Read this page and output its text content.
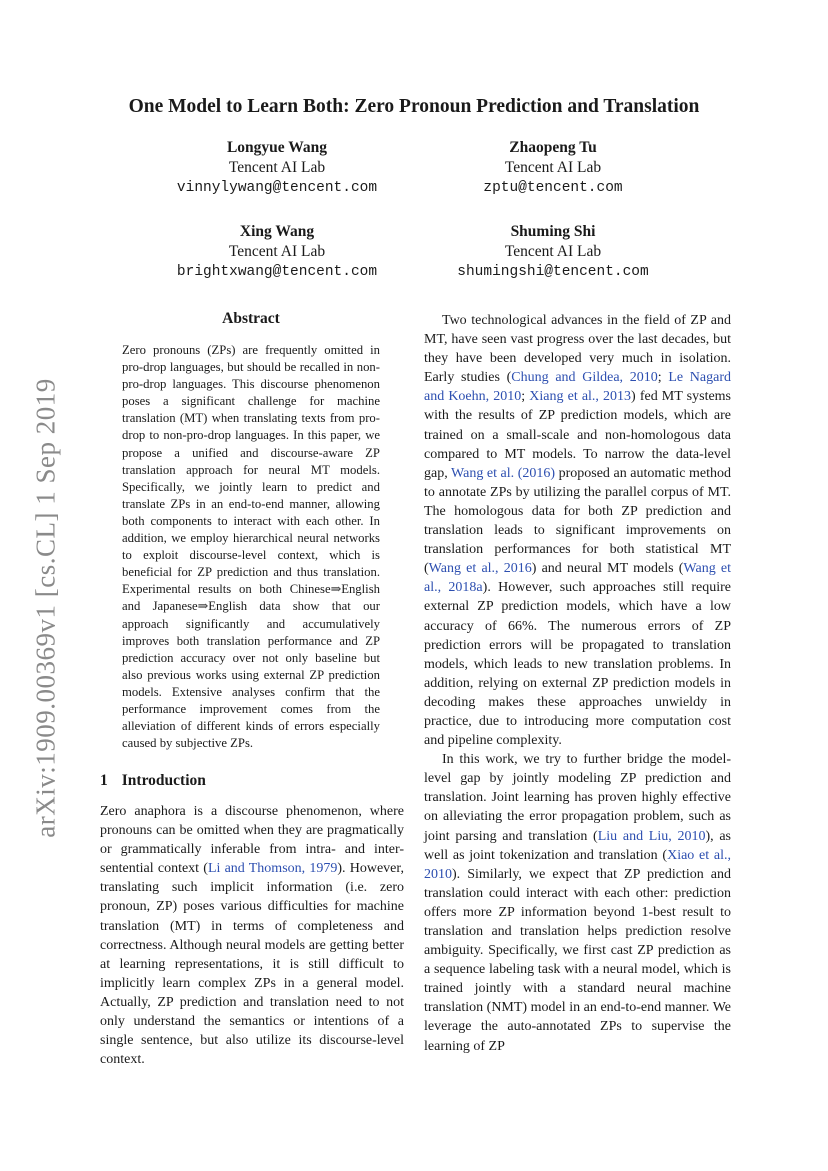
One Model to Learn Both: Zero Pronoun Prediction and Translation
Longyue Wang
Tencent AI Lab
vinnylywang@tencent.com
Zhaopeng Tu
Tencent AI Lab
zptu@tencent.com
Xing Wang
Tencent AI Lab
brightxwang@tencent.com
Shuming Shi
Tencent AI Lab
shumingshi@tencent.com
arXiv:1909.00369v1 [cs.CL] 1 Sep 2019
Abstract

Zero pronouns (ZPs) are frequently omitted in pro-drop languages, but should be recalled in non-pro-drop languages. This discourse phenomenon poses a significant challenge for machine translation (MT) when translating texts from pro-drop to non-pro-drop languages. In this paper, we propose a unified and discourse-aware ZP translation approach for neural MT models. Specifically, we jointly learn to predict and translate ZPs in an end-to-end manner, allowing both components to interact with each other. In addition, we employ hierarchical neural networks to exploit discourse-level context, which is beneficial for ZP prediction and thus translation. Experimental results on both Chinese⇒English and Japanese⇒English data show that our approach significantly and accumulatively improves both translation performance and ZP prediction accuracy over not only baseline but also previous works using external ZP prediction models. Extensive analyses confirm that the performance improvement comes from the alleviation of different kinds of errors especially caused by subjective ZPs.

1 Introduction

Zero anaphora is a discourse phenomenon, where pronouns can be omitted when they are pragmatically or grammatically inferable from intra- and inter-sentential context (Li and Thomson, 1979). However, translating such implicit information (i.e. zero pronoun, ZP) poses various difficulties for machine translation (MT) in terms of completeness and correctness. Although neural models are getting better at learning representations, it is still difficult to implicitly learn complex ZPs in a general model. Actually, ZP prediction and translation need to not only understand the semantics or intentions of a single sentence, but also utilize its discourse-level context.

Two technological advances in the field of ZP and MT, have seen vast progress over the last decades, but they have been developed very much in isolation. Early studies (Chung and Gildea, 2010; Le Nagard and Koehn, 2010; Xiang et al., 2013) fed MT systems with the results of ZP prediction models, which are trained on a small-scale and non-homologous data compared to MT models. To narrow the data-level gap, Wang et al. (2016) proposed an automatic method to annotate ZPs by utilizing the parallel corpus of MT. The homologous data for both ZP prediction and translation leads to significant improvements on translation performances for both statistical MT (Wang et al., 2016) and neural MT models (Wang et al., 2018a). However, such approaches still require external ZP prediction models, which have a low accuracy of 66%. The numerous errors of ZP prediction errors will be propagated to translation models, which leads to new translation problems. In addition, relying on external ZP prediction models in decoding makes these approaches unwieldy in practice, due to introducing more computation cost and pipeline complexity.

In this work, we try to further bridge the model-level gap by jointly modeling ZP prediction and translation. Joint learning has proven highly effective on alleviating the error propagation problem, such as joint parsing and translation (Liu and Liu, 2010), as well as joint tokenization and translation (Xiao et al., 2010). Similarly, we expect that ZP prediction and translation could interact with each other: prediction offers more ZP information beyond 1-best result to translation and translation helps prediction resolve ambiguity. Specifically, we first cast ZP prediction as a sequence labeling task with a neural model, which is trained jointly with a standard neural machine translation (NMT) model in an end-to-end manner. We leverage the auto-annotated ZPs to supervise the learning of ZP
